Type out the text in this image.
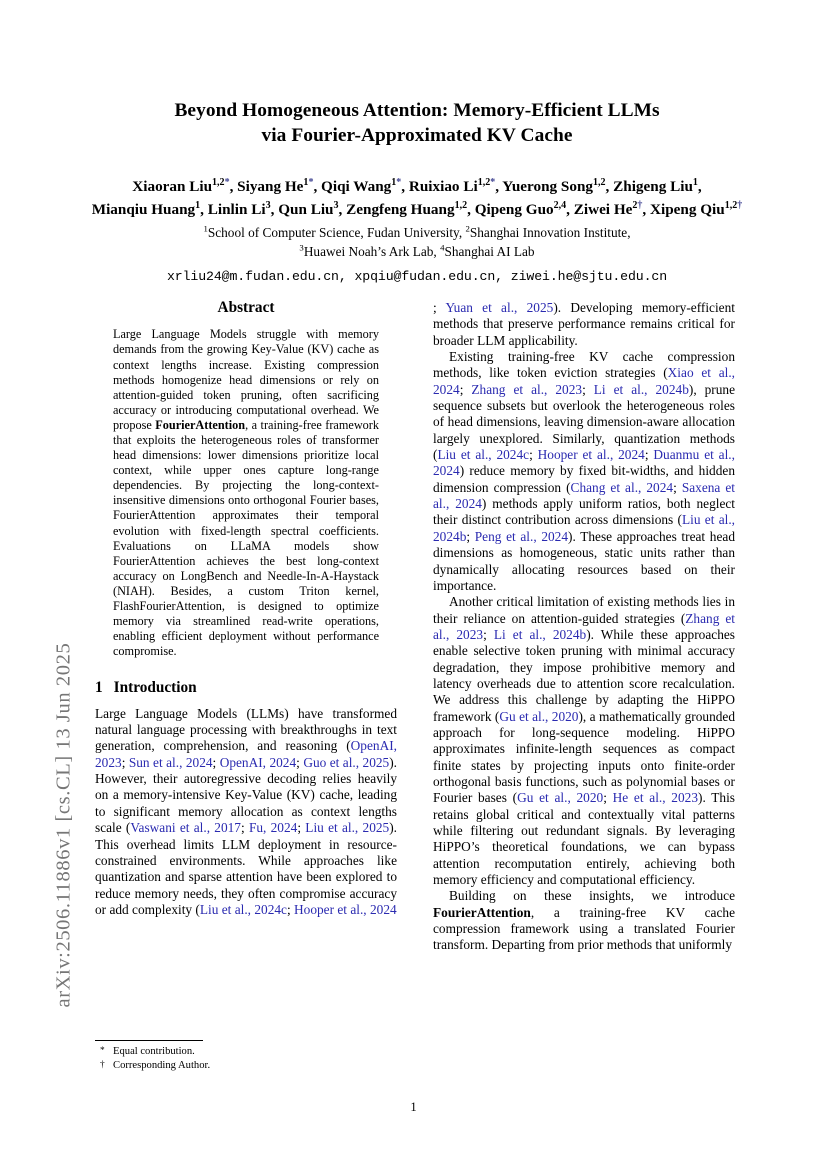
arXiv:2506.11886v1 [cs.CL] 13 Jun 2025
Beyond Homogeneous Attention: Memory-Efficient LLMs
via Fourier-Approximated KV Cache
Xiaoran Liu$^{1,2*}$, Siyang $He^{1*}$, Qiqi Wang$^{1*}$, Ruixiao $Li^{1,2*}$, Yuerong Song$^{1,2}$, Zhigeng Liu$^1$,
Mianqiu Huang$^1$, Linlin Li$^3$, Qun Liu$^3$, Zengfeng Huang$^{1,2}$, Qipeng Guo$^{2,4}$, Ziwei $He^{2\dagger}$, Xipeng Qiu$^{1,2\dagger}$
$^1$School of Computer Science, Fudan University, $^2$Shanghai Innovation Institute,
$^3$Huawei Noah’s Ark Lab, $^4$Shanghai AI Lab
xrliu24@m.fudan.edu.cn, xpqiu@fudan.edu.cn, ziwei.he@sjtu.edu.cn
Abstract

Large Language Models struggle with memory demands from the growing Key-Value (KV) cache as context lengths increase. Existing compression methods homogenize head dimensions or rely on attention-guided token pruning, often sacrificing accuracy or introducing computational overhead. We propose FourierAttention, a training-free framework that exploits the heterogeneous roles of transformer head dimensions: lower dimensions prioritize local context, while upper ones capture long-range dependencies. By projecting the long-context-insensitive dimensions onto orthogonal Fourier bases, FourierAttention approximates their temporal evolution with fixed-length spectral coefficients. Evaluations on LLaMA models show FourierAttention achieves the best long-context accuracy on LongBench and Needle-In-A-Haystack (NIAH). Besides, a custom Triton kernel, FlashFourierAttention, is designed to optimize memory via streamlined read-write operations, enabling efficient deployment without performance compromise.

1 Introduction

Large Language Models (LLMs) have transformed natural language processing with breakthroughs in text generation, comprehension, and reasoning (OpenAI, 2023; Sun et al., 2024; OpenAI, 2024; Guo et al., 2025). However, their autoregressive decoding relies heavily on a memory-intensive Key-Value (KV) cache, leading to significant memory allocation as context lengths scale (Vaswani et al., 2017; Fu, 2024; Liu et al., 2025). This overhead limits LLM deployment in resource-constrained environments. While approaches like quantization and sparse attention have been explored to reduce memory needs, they often compromise accuracy or add complexity (Liu et al., 2024c; Hooper et al., 2024

; Yuan et al., 2025). Developing memory-efficient methods that preserve performance remains critical for broader LLM applicability.

Existing training-free KV cache compression methods, like token eviction strategies (Xiao et al., 2024; Zhang et al., 2023; Li et al., 2024b), prune sequence subsets but overlook the heterogeneous roles of head dimensions, leaving dimension-aware allocation largely unexplored. Similarly, quantization methods (Liu et al., 2024c; Hooper et al., 2024; Duanmu et al., 2024) reduce memory by fixed bit-widths, and hidden dimension compression (Chang et al., 2024; Saxena et al., 2024) methods apply uniform ratios, both neglect their distinct contribution across dimensions (Liu et al., 2024b; Peng et al., 2024). These approaches treat head dimensions as homogeneous, static units rather than dynamically allocating resources based on their importance.

Another critical limitation of existing methods lies in their reliance on attention-guided strategies (Zhang et al., 2023; Li et al., 2024b). While these approaches enable selective token pruning with minimal accuracy degradation, they impose prohibitive memory and latency overheads due to attention score recalculation. We address this challenge by adapting the HiPPO framework (Gu et al., 2020), a mathematically grounded approach for long-sequence modeling. HiPPO approximates infinite-length sequences as compact finite states by projecting inputs onto finite-order orthogonal basis functions, such as polynomial bases or Fourier bases (Gu et al., 2020; He et al., 2023). This retains global critical and contextually vital patterns while filtering out redundant signals. By leveraging HiPPO’s theoretical foundations, we can bypass attention recomputation entirely, achieving both memory efficiency and computational efficiency.

Building on these insights, we introduce FourierAttention, a training-free KV cache compression framework using a translated Fourier transform. Departing from prior methods that uniformly

* Equal contribution.
† Corresponding Author.
1
